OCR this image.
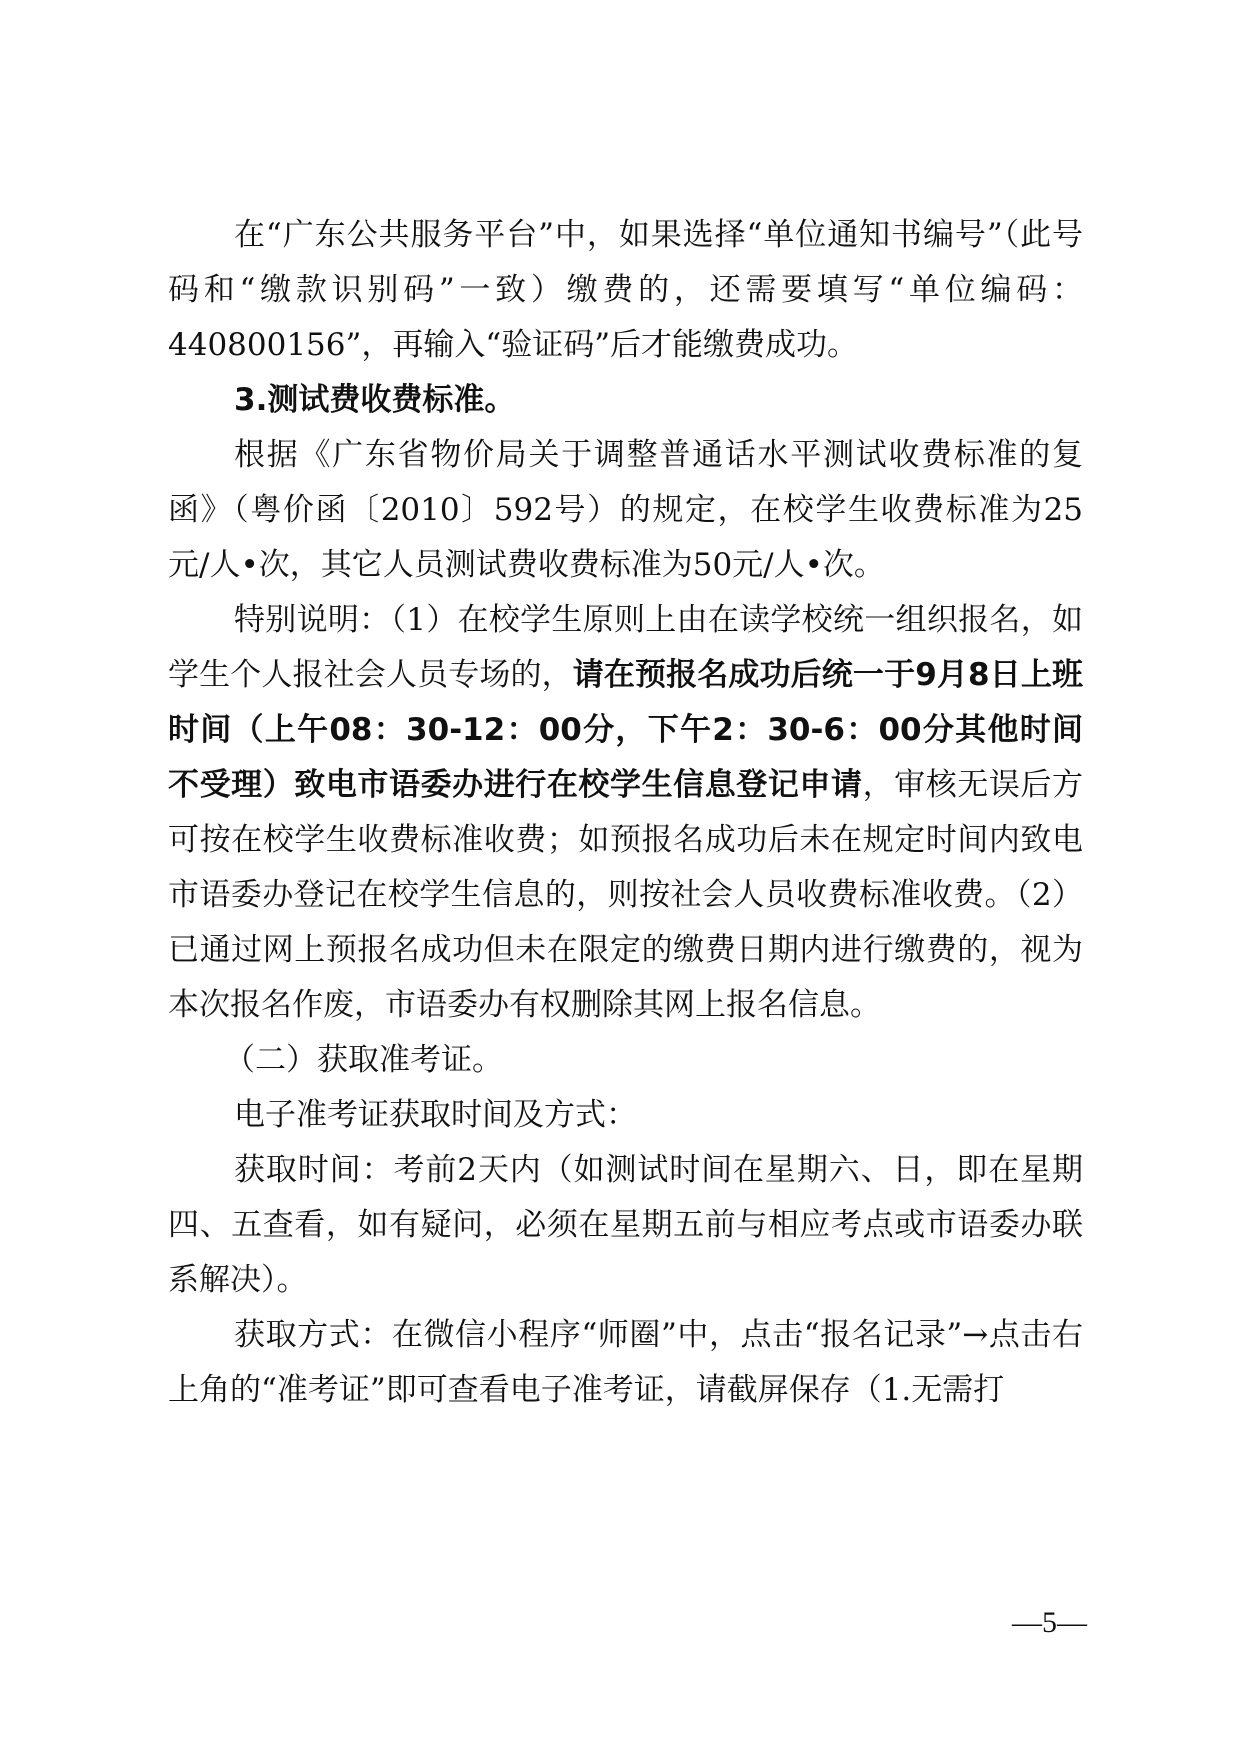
在“广东公共服务平台”中，如果选择“单位通知书编号”（此号码和“缴款识别码”一致）缴费的，还需要填写“单位编码：440800156”，再输入“验证码”后才能缴费成功。

3.测试费收费标准。

根据《广东省物价局关于调整普通话水平测试收费标准的复函》（粤价函〔2010〕592号）的规定，在校学生收费标准为25元/人•次，其它人员测试费收费标准为50元/人•次。

特别说明：（1）在校学生原则上由在读学校统一组织报名，如学生个人报社会人员专场的，请在预报名成功后统一于9月8日上班时间（上午08：30-12：00分，下午2：30-6：00分其他时间不受理）致电市语委办进行在校学生信息登记申请，审核无误后方可按在校学生收费标准收费；如预报名成功后未在规定时间内致电市语委办登记在校学生信息的，则按社会人员收费标准收费。（2）已通过网上预报名成功但未在限定的缴费日期内进行缴费的，视为本次报名作废，市语委办有权删除其网上报名信息。

（二）获取准考证。

电子准考证获取时间及方式：

获取时间：考前2天内（如测试时间在星期六、日，即在星期四、五查看，如有疑问，必须在星期五前与相应考点或市语委办联系解决）。

获取方式：在微信小程序“师圈”中，点击“报名记录”→点击右上角的“准考证”即可查看电子准考证，请截屏保存（1.无需打

—5—
